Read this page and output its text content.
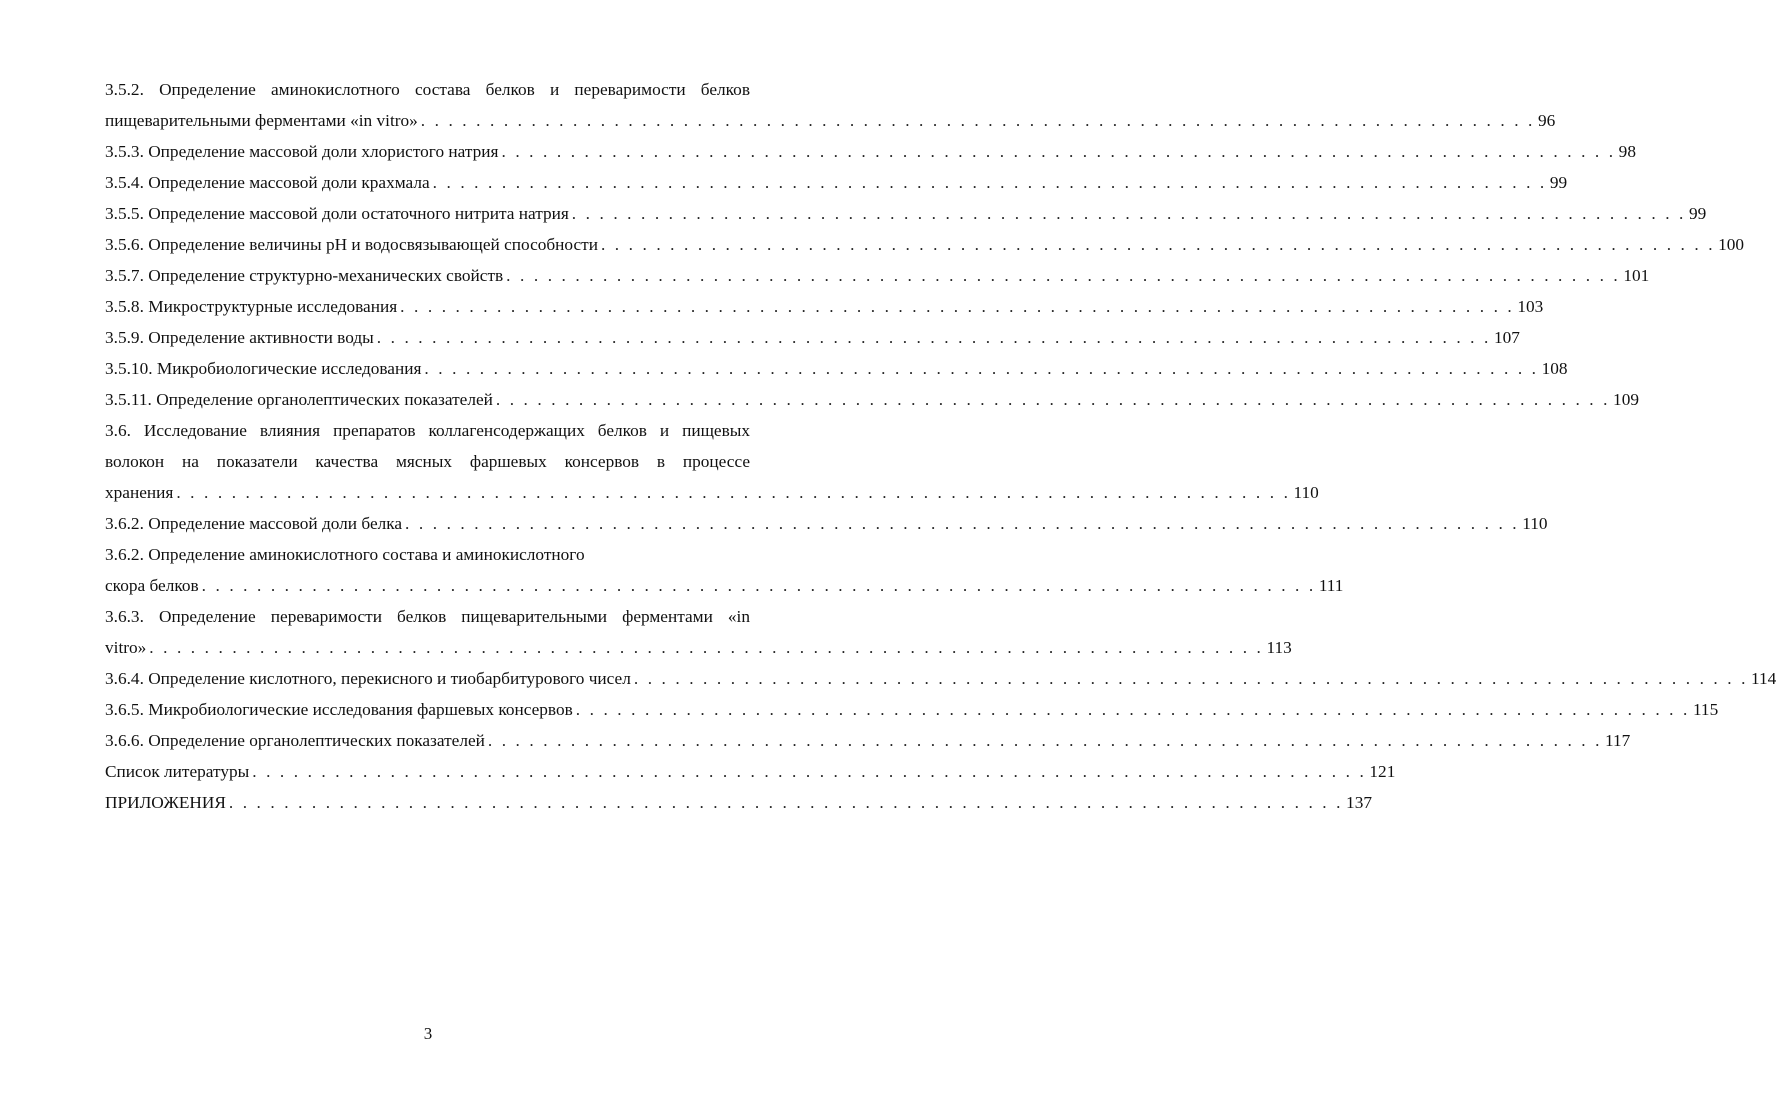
3.5.2. Определение аминокислотного состава белков и переваримости белков
пищеварительными ферментами «in vitro» . . . . . . . . . . . . . . . . . . . . . . . . . . . . . . . . . . . . . . . . . . . . . . . . . . . . . . . . . . . . . . . . . . . . . . . . . . . . . . . . . 96
3.5.3. Определение массовой доли хлористого натрия . . . . . . . . . . . . . . . . . . . . . . . . . . . . . . . . . . . . . . . . . . . . . . . . . . . . . . . . . . . . . . . . . . . . . . . . . . . . . . . . . 98
3.5.4. Определение массовой доли крахмала . . . . . . . . . . . . . . . . . . . . . . . . . . . . . . . . . . . . . . . . . . . . . . . . . . . . . . . . . . . . . . . . . . . . . . . . . . . . . . . . . 99
3.5.5. Определение массовой доли остаточного нитрита натрия . . . . . . . . . . . . . . . . . . . . . . . . . . . . . . . . . . . . . . . . . . . . . . . . . . . . . . . . . . . . . . . . . . . . . . . . . . . . . . . . . 99
3.5.6. Определение величины рН и водосвязывающей способности . . . . . . . . . . . . . . . . . . . . . . . . . . . . . . . . . . . . . . . . . . . . . . . . . . . . . . . . . . . . . . . . . . . . . . . . . . . . . . . . . 100
3.5.7. Определение структурно-механических свойств . . . . . . . . . . . . . . . . . . . . . . . . . . . . . . . . . . . . . . . . . . . . . . . . . . . . . . . . . . . . . . . . . . . . . . . . . . . . . . . . . 101
3.5.8. Микроструктурные исследования . . . . . . . . . . . . . . . . . . . . . . . . . . . . . . . . . . . . . . . . . . . . . . . . . . . . . . . . . . . . . . . . . . . . . . . . . . . . . . . . . 103
3.5.9. Определение активности воды . . . . . . . . . . . . . . . . . . . . . . . . . . . . . . . . . . . . . . . . . . . . . . . . . . . . . . . . . . . . . . . . . . . . . . . . . . . . . . . . . 107
3.5.10. Микробиологические исследования . . . . . . . . . . . . . . . . . . . . . . . . . . . . . . . . . . . . . . . . . . . . . . . . . . . . . . . . . . . . . . . . . . . . . . . . . . . . . . . . . 108
3.5.11. Определение органолептических показателей . . . . . . . . . . . . . . . . . . . . . . . . . . . . . . . . . . . . . . . . . . . . . . . . . . . . . . . . . . . . . . . . . . . . . . . . . . . . . . . . . 109
3.6. Исследование влияния препаратов коллагенсодержащих белков и пищевых
волокон на показатели качества мясных фаршевых консервов в процессе
хранения . . . . . . . . . . . . . . . . . . . . . . . . . . . . . . . . . . . . . . . . . . . . . . . . . . . . . . . . . . . . . . . . . . . . . . . . . . . . . . . . . 110
3.6.2. Определение массовой доли белка . . . . . . . . . . . . . . . . . . . . . . . . . . . . . . . . . . . . . . . . . . . . . . . . . . . . . . . . . . . . . . . . . . . . . . . . . . . . . . . . . 110
3.6.2. Определение аминокислотного состава и аминокислотного
скора белков . . . . . . . . . . . . . . . . . . . . . . . . . . . . . . . . . . . . . . . . . . . . . . . . . . . . . . . . . . . . . . . . . . . . . . . . . . . . . . . . . 111
3.6.3. Определение переваримости белков пищеварительными ферментами «in
vitro» . . . . . . . . . . . . . . . . . . . . . . . . . . . . . . . . . . . . . . . . . . . . . . . . . . . . . . . . . . . . . . . . . . . . . . . . . . . . . . . . . 113
3.6.4. Определение кислотного, перекисного и тиобарбитурового чисел . . . . . . . . . . . . . . . . . . . . . . . . . . . . . . . . . . . . . . . . . . . . . . . . . . . . . . . . . . . . . . . . . . . . . . . . . . . . . . . . . 114
3.6.5. Микробиологические исследования фаршевых консервов . . . . . . . . . . . . . . . . . . . . . . . . . . . . . . . . . . . . . . . . . . . . . . . . . . . . . . . . . . . . . . . . . . . . . . . . . . . . . . . . . 115
3.6.6. Определение органолептических показателей . . . . . . . . . . . . . . . . . . . . . . . . . . . . . . . . . . . . . . . . . . . . . . . . . . . . . . . . . . . . . . . . . . . . . . . . . . . . . . . . . 117
Список литературы . . . . . . . . . . . . . . . . . . . . . . . . . . . . . . . . . . . . . . . . . . . . . . . . . . . . . . . . . . . . . . . . . . . . . . . . . . . . . . . . . 121
ПРИЛОЖЕНИЯ . . . . . . . . . . . . . . . . . . . . . . . . . . . . . . . . . . . . . . . . . . . . . . . . . . . . . . . . . . . . . . . . . . . . . . . . . . . . . . . . . 137
3
